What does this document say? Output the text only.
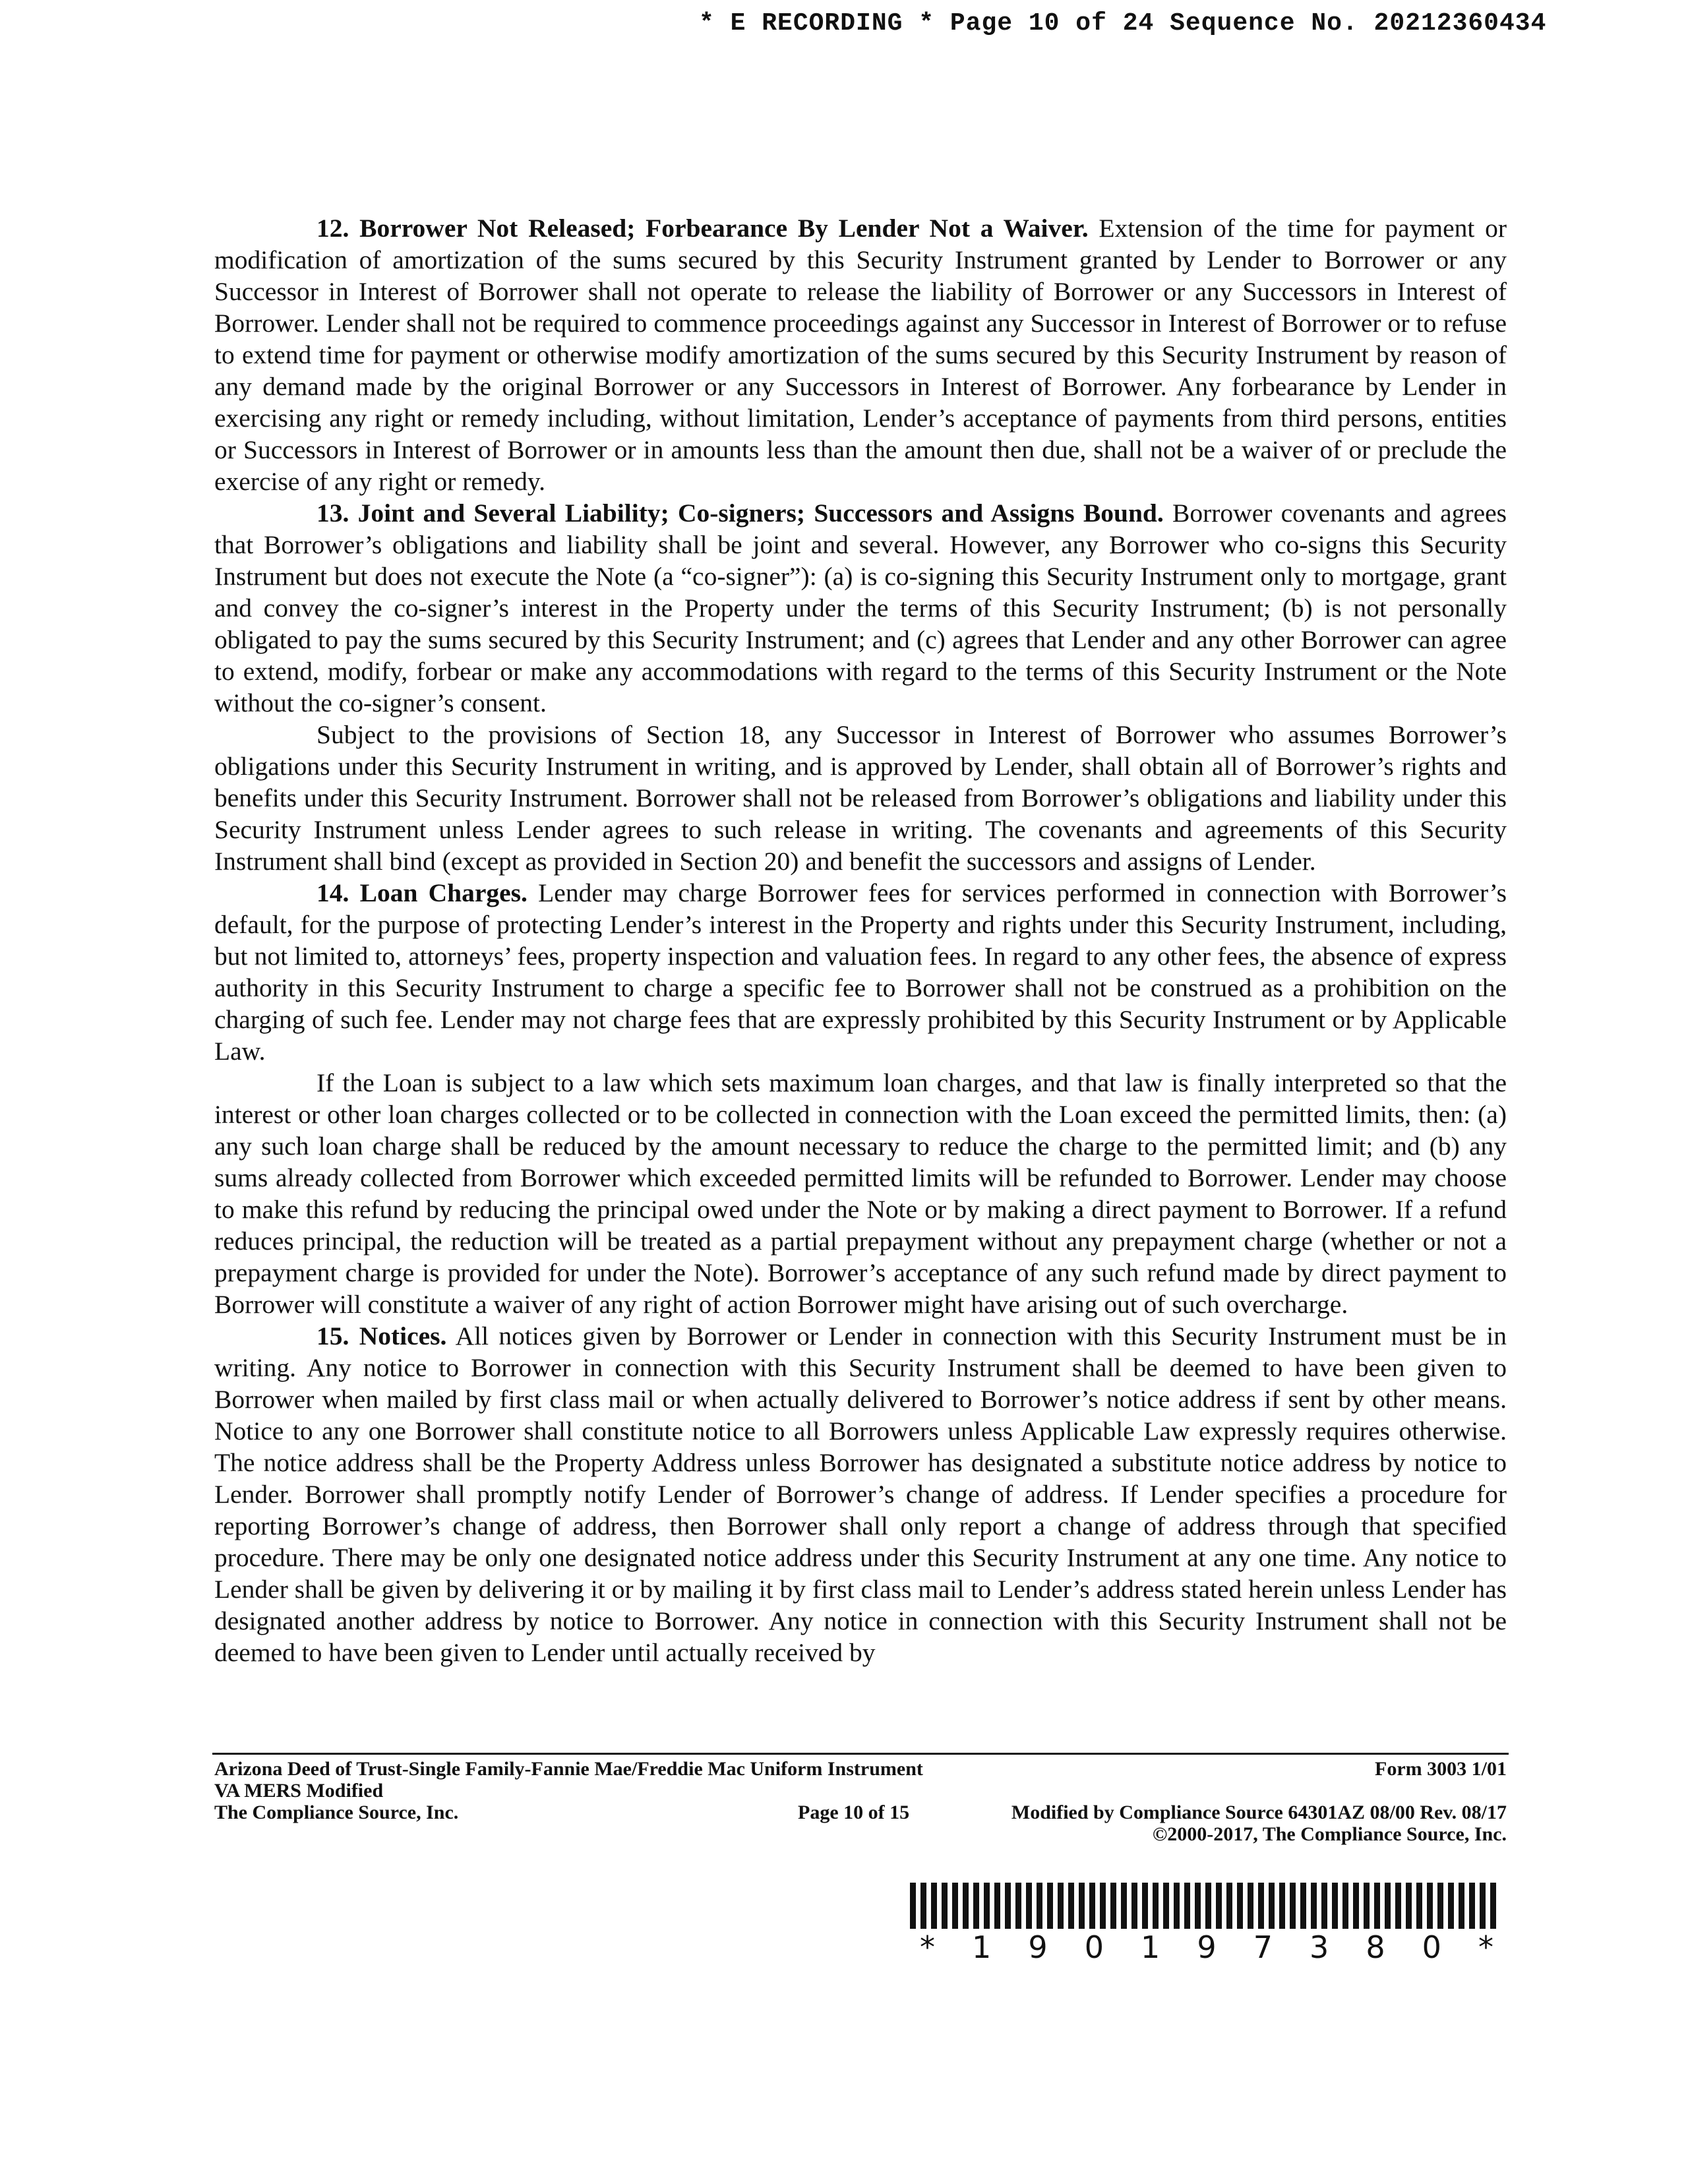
* E RECORDING * Page 10 of 24 Sequence No. 20212360434

12. Borrower Not Released; Forbearance By Lender Not a Waiver. Extension of the time for payment or modification of amortization of the sums secured by this Security Instrument granted by Lender to Borrower or any Successor in Interest of Borrower shall not operate to release the liability of Borrower or any Successors in Interest of Borrower. Lender shall not be required to commence proceedings against any Successor in Interest of Borrower or to refuse to extend time for payment or otherwise modify amortization of the sums secured by this Security Instrument by reason of any demand made by the original Borrower or any Successors in Interest of Borrower. Any forbearance by Lender in exercising any right or remedy including, without limitation, Lender’s acceptance of payments from third persons, entities or Successors in Interest of Borrower or in amounts less than the amount then due, shall not be a waiver of or preclude the exercise of any right or remedy.

13. Joint and Several Liability; Co-signers; Successors and Assigns Bound. Borrower covenants and agrees that Borrower’s obligations and liability shall be joint and several. However, any Borrower who co-signs this Security Instrument but does not execute the Note (a “co-signer”): (a) is co-signing this Security Instrument only to mortgage, grant and convey the co-signer’s interest in the Property under the terms of this Security Instrument; (b) is not personally obligated to pay the sums secured by this Security Instrument; and (c) agrees that Lender and any other Borrower can agree to extend, modify, forbear or make any accommodations with regard to the terms of this Security Instrument or the Note without the co-signer’s consent.

Subject to the provisions of Section 18, any Successor in Interest of Borrower who assumes Borrower’s obligations under this Security Instrument in writing, and is approved by Lender, shall obtain all of Borrower’s rights and benefits under this Security Instrument. Borrower shall not be released from Borrower’s obligations and liability under this Security Instrument unless Lender agrees to such release in writing. The covenants and agreements of this Security Instrument shall bind (except as provided in Section 20) and benefit the successors and assigns of Lender.

14. Loan Charges. Lender may charge Borrower fees for services performed in connection with Borrower’s default, for the purpose of protecting Lender’s interest in the Property and rights under this Security Instrument, including, but not limited to, attorneys’ fees, property inspection and valuation fees. In regard to any other fees, the absence of express authority in this Security Instrument to charge a specific fee to Borrower shall not be construed as a prohibition on the charging of such fee. Lender may not charge fees that are expressly prohibited by this Security Instrument or by Applicable Law.

If the Loan is subject to a law which sets maximum loan charges, and that law is finally interpreted so that the interest or other loan charges collected or to be collected in connection with the Loan exceed the permitted limits, then: (a) any such loan charge shall be reduced by the amount necessary to reduce the charge to the permitted limit; and (b) any sums already collected from Borrower which exceeded permitted limits will be refunded to Borrower. Lender may choose to make this refund by reducing the principal owed under the Note or by making a direct payment to Borrower. If a refund reduces principal, the reduction will be treated as a partial prepayment without any prepayment charge (whether or not a prepayment charge is provided for under the Note). Borrower’s acceptance of any such refund made by direct payment to Borrower will constitute a waiver of any right of action Borrower might have arising out of such overcharge.

15. Notices. All notices given by Borrower or Lender in connection with this Security Instrument must be in writing. Any notice to Borrower in connection with this Security Instrument shall be deemed to have been given to Borrower when mailed by first class mail or when actually delivered to Borrower’s notice address if sent by other means. Notice to any one Borrower shall constitute notice to all Borrowers unless Applicable Law expressly requires otherwise. The notice address shall be the Property Address unless Borrower has designated a substitute notice address by notice to Lender. Borrower shall promptly notify Lender of Borrower’s change of address. If Lender specifies a procedure for reporting Borrower’s change of address, then Borrower shall only report a change of address through that specified procedure. There may be only one designated notice address under this Security Instrument at any one time. Any notice to Lender shall be given by delivering it or by mailing it by first class mail to Lender’s address stated herein unless Lender has designated another address by notice to Borrower. Any notice in connection with this Security Instrument shall not be deemed to have been given to Lender until actually received by

Arizona Deed of Trust-Single Family-Fannie Mae/Freddie Mac Uniform Instrument	Form 3003 1/01
VA MERS Modified
The Compliance Source, Inc.	Page 10 of 15	Modified by Compliance Source 64301AZ 08/00 Rev. 08/17
©2000-2017, The Compliance Source, Inc.
* 1 9 0 1 9 7 3 8 0 *
